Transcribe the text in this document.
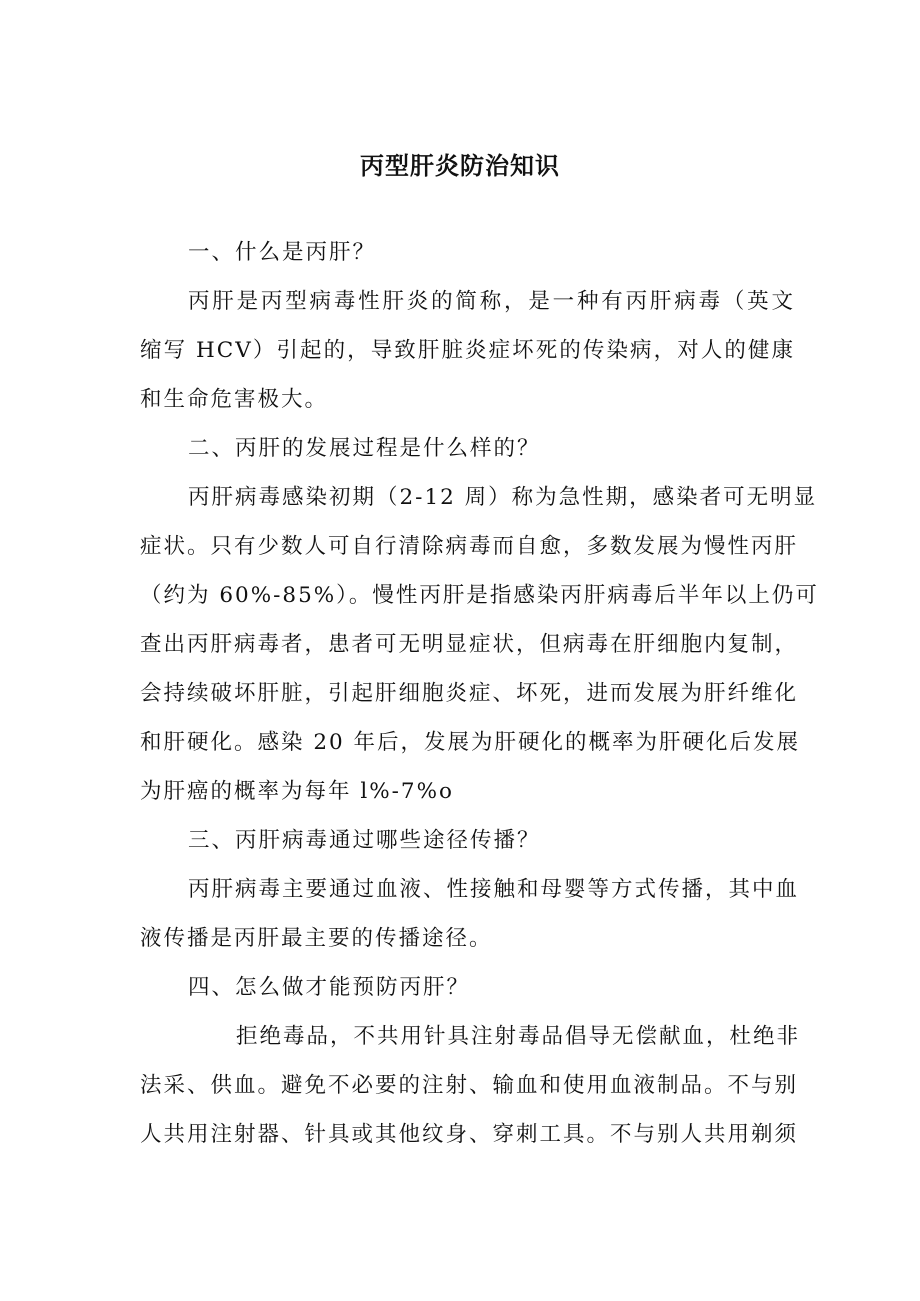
丙型肝炎防治知识
一、什么是丙肝？
丙肝是丙型病毒性肝炎的简称，是一种有丙肝病毒（英文
缩写 HCV）引起的，导致肝脏炎症坏死的传染病，对人的健康
和生命危害极大。
二、丙肝的发展过程是什么样的？
丙肝病毒感染初期（2-12 周）称为急性期，感染者可无明显
症状。只有少数人可自行清除病毒而自愈，多数发展为慢性丙肝
（约为 60%-85%）。慢性丙肝是指感染丙肝病毒后半年以上仍可
查出丙肝病毒者，患者可无明显症状，但病毒在肝细胞内复制，
会持续破坏肝脏，引起肝细胞炎症、坏死，进而发展为肝纤维化
和肝硬化。感染 20 年后，发展为肝硬化的概率为肝硬化后发展
为肝癌的概率为每年 l%-7%o
三、丙肝病毒通过哪些途径传播？
丙肝病毒主要通过血液、性接触和母婴等方式传播，其中血
液传播是丙肝最主要的传播途径。
四、怎么做才能预防丙肝？
拒绝毒品，不共用针具注射毒品倡导无偿献血，杜绝非
法采、供血。避免不必要的注射、输血和使用血液制品。不与别
人共用注射器、针具或其他纹身、穿刺工具。不与别人共用剃须
